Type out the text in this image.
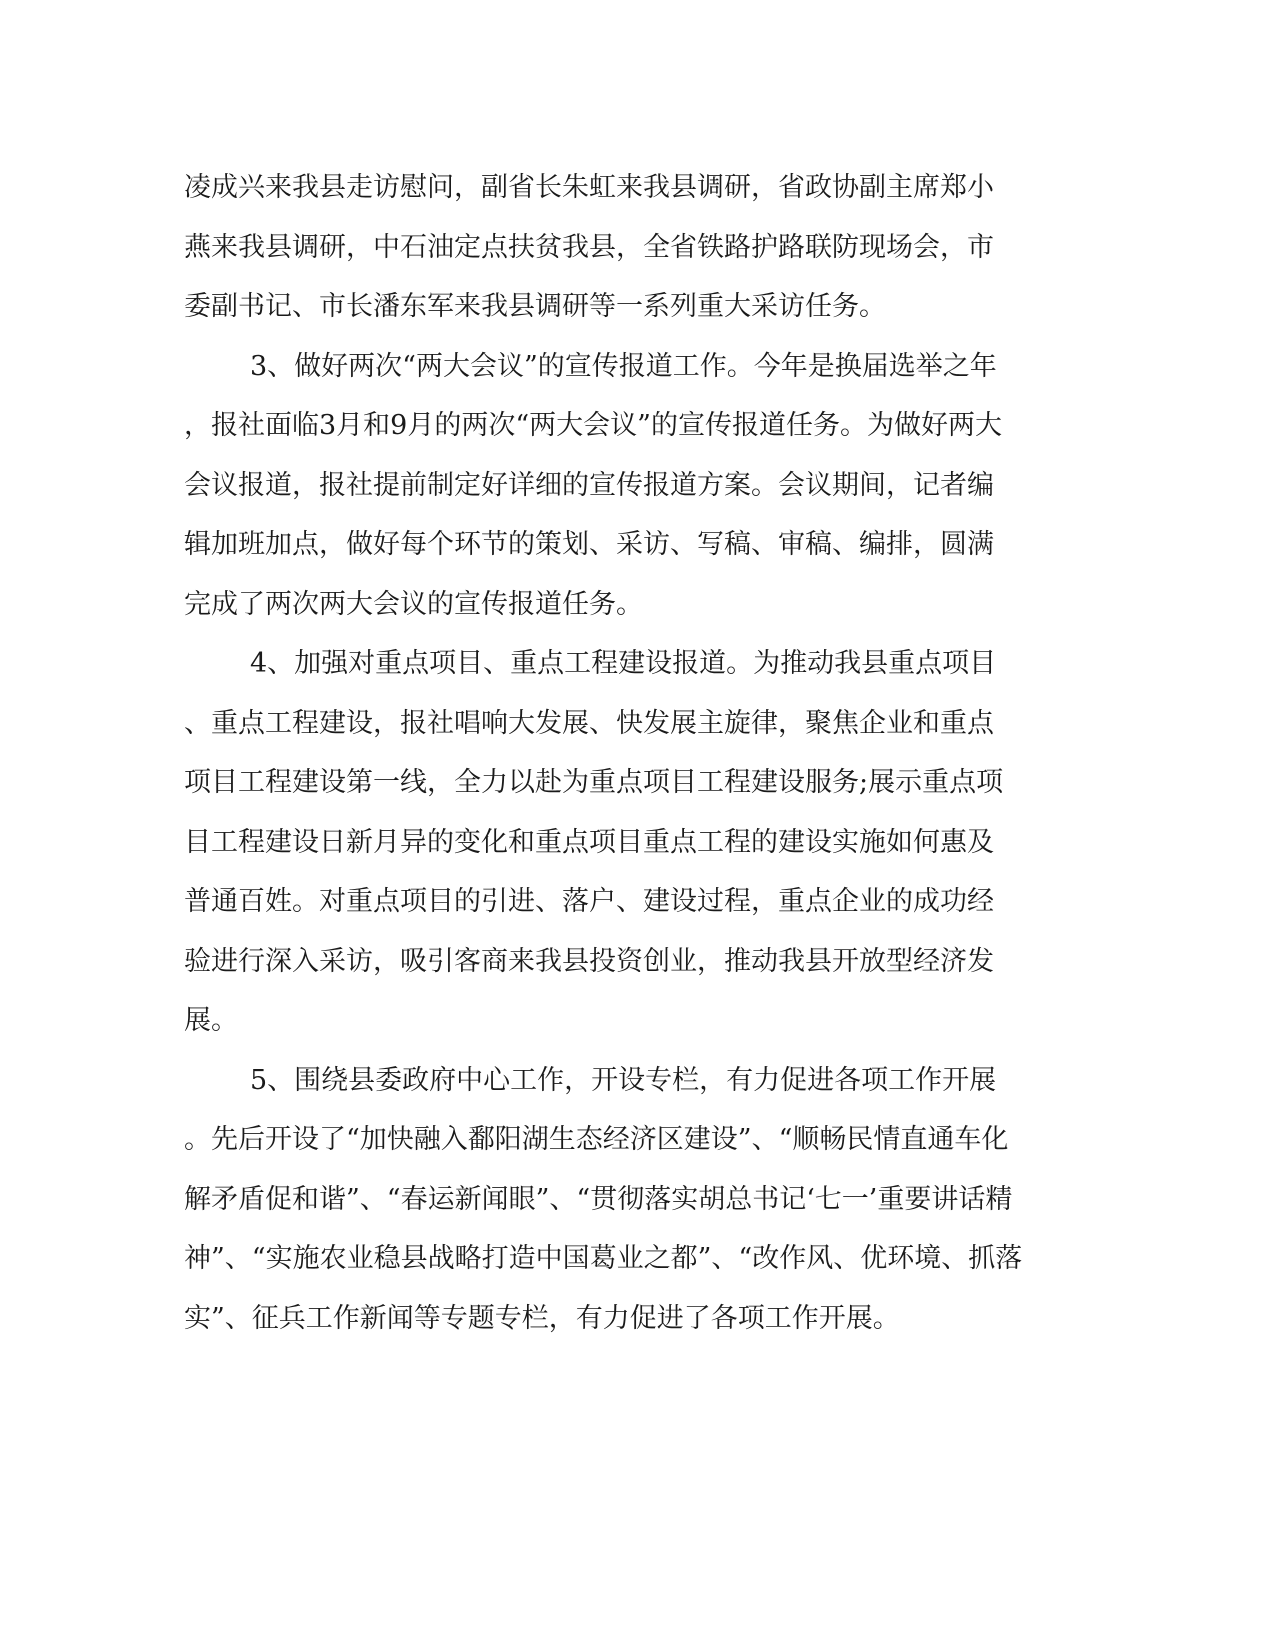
凌成兴来我县走访慰问，副省长朱虹来我县调研，省政协副主席郑小
燕来我县调研，中石油定点扶贫我县，全省铁路护路联防现场会，市
委副书记、市长潘东军来我县调研等一系列重大采访任务。

3、做好两次“两大会议”的宣传报道工作。今年是换届选举之年
，报社面临3月和9月的两次“两大会议”的宣传报道任务。为做好两大
会议报道，报社提前制定好详细的宣传报道方案。会议期间，记者编
辑加班加点，做好每个环节的策划、采访、写稿、审稿、编排，圆满
完成了两次两大会议的宣传报道任务。

4、加强对重点项目、重点工程建设报道。为推动我县重点项目
、重点工程建设，报社唱响大发展、快发展主旋律，聚焦企业和重点
项目工程建设第一线，全力以赴为重点项目工程建设服务;展示重点项
目工程建设日新月异的变化和重点项目重点工程的建设实施如何惠及
普通百姓。对重点项目的引进、落户、建设过程，重点企业的成功经
验进行深入采访，吸引客商来我县投资创业，推动我县开放型经济发
展。

5、围绕县委政府中心工作，开设专栏，有力促进各项工作开展
。先后开设了“加快融入鄱阳湖生态经济区建设”、“顺畅民情直通车化
解矛盾促和谐”、“春运新闻眼”、“贯彻落实胡总书记‘七一’重要讲话精
神”、“实施农业稳县战略打造中国葛业之都”、“改作风、优环境、抓落
实”、征兵工作新闻等专题专栏，有力促进了各项工作开展。
